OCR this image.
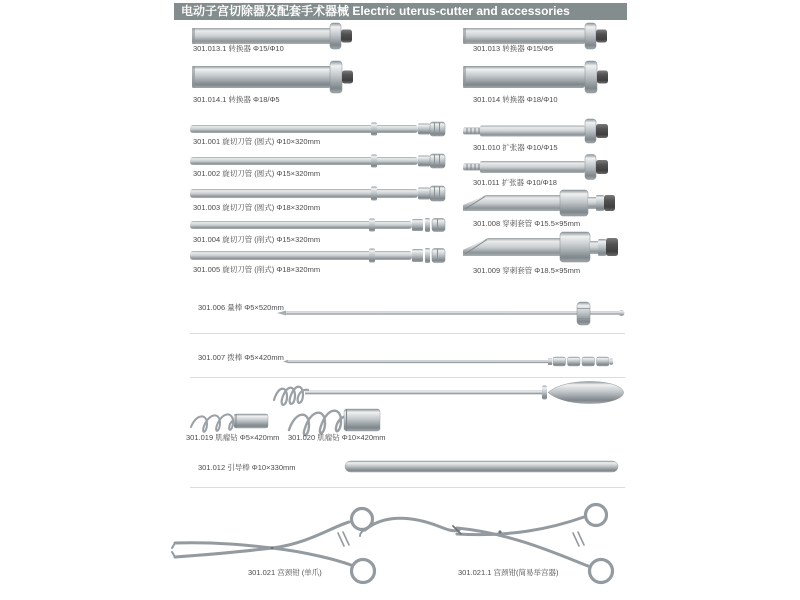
电动子宫切除器及配套手术器械 Electric uterus-cutter and accessories
301.013.1 转换器 Φ15/Φ10
301.014.1 转换器 Φ18/Φ5
301.013 转换器 Φ15/Φ5
301.014 转换器 Φ18/Φ10
301.001 旋切刀管 (圆式) Φ10×320mm
301.002 旋切刀管 (圆式) Φ15×320mm
301.003 旋切刀管 (圆式) Φ18×320mm
301.004 旋切刀管 (削式) Φ15×320mm
301.005 旋切刀管 (削式) Φ18×320mm
301.010 扩张器 Φ10/Φ15
301.011 扩张器 Φ10/Φ18
301.008 穿刺套管 Φ15.5×95mm
301.009 穿刺套管 Φ18.5×95mm
301.006 量棒 Φ5×520mm
301.007 拨棒 Φ5×420mm
301.019 肌瘤钻 Φ5×420mm 301.020 肌瘤钻 Φ10×420mm
301.012 引导棒 Φ10×330mm
301.021 宫颈钳 (单爪)	301.021.1 宫颈钳(简易举宫器)
